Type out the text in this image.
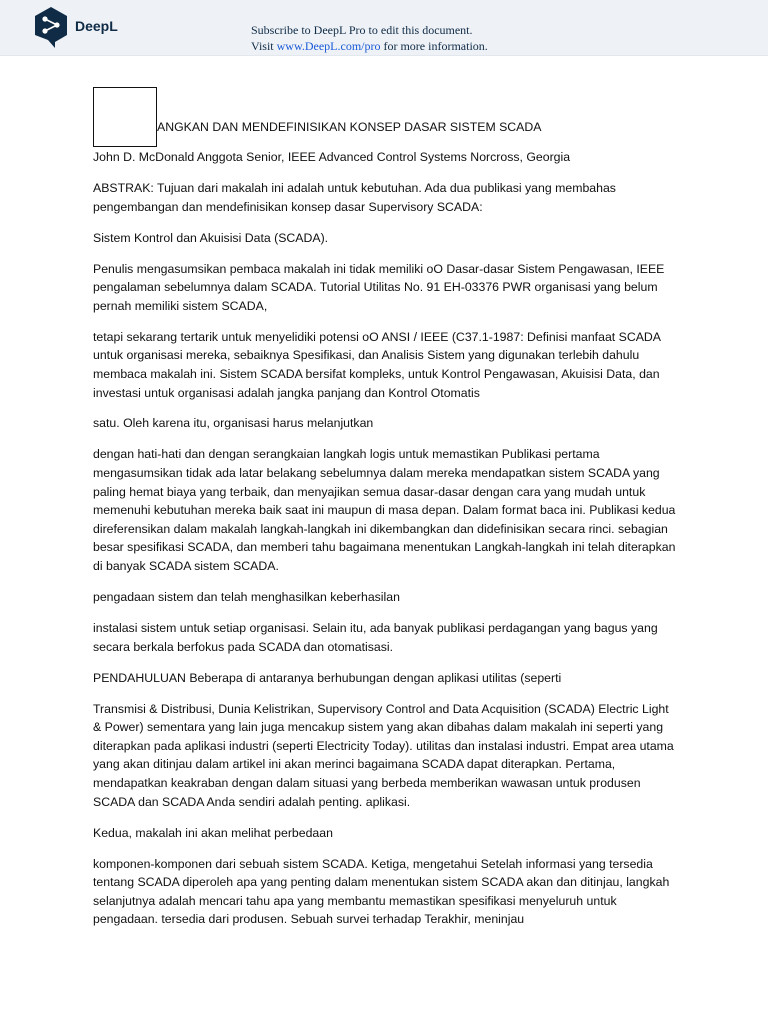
DeepL	Subscribe to DeepL Pro to edit this document.
Visit www.DeepL.com/pro for more information.
ANGKAN DAN MENDEFINISIKAN KONSEP DASAR SISTEM SCADA

John D. McDonald Anggota Senior, IEEE Advanced Control Systems Norcross, Georgia

ABSTRAK: Tujuan dari makalah ini adalah untuk kebutuhan. Ada dua publikasi yang membahas pengembangan dan mendefinisikan konsep dasar Supervisory SCADA:

Sistem Kontrol dan Akuisisi Data (SCADA).

Penulis mengasumsikan pembaca makalah ini tidak memiliki oO Dasar-dasar Sistem Pengawasan, IEEE pengalaman sebelumnya dalam SCADA. Tutorial Utilitas No. 91 EH-03376 PWR organisasi yang belum pernah memiliki sistem SCADA,

tetapi sekarang tertarik untuk menyelidiki potensi oO ANSI / IEEE (C37.1-1987: Definisi manfaat SCADA untuk organisasi mereka, sebaiknya Spesifikasi, dan Analisis Sistem yang digunakan terlebih dahulu membaca makalah ini. Sistem SCADA bersifat kompleks, untuk Kontrol Pengawasan, Akuisisi Data, dan investasi untuk organisasi adalah jangka panjang dan Kontrol Otomatis

satu. Oleh karena itu, organisasi harus melanjutkan

dengan hati-hati dan dengan serangkaian langkah logis untuk memastikan Publikasi pertama mengasumsikan tidak ada latar belakang sebelumnya dalam mereka mendapatkan sistem SCADA yang paling hemat biaya yang terbaik, dan menyajikan semua dasar-dasar dengan cara yang mudah untuk memenuhi kebutuhan mereka baik saat ini maupun di masa depan. Dalam format baca ini. Publikasi kedua direferensikan dalam makalah langkah-langkah ini dikembangkan dan didefinisikan secara rinci. sebagian besar spesifikasi SCADA, dan memberi tahu bagaimana menentukan Langkah-langkah ini telah diterapkan di banyak SCADA sistem SCADA.

pengadaan sistem dan telah menghasilkan keberhasilan

instalasi sistem untuk setiap organisasi. Selain itu, ada banyak publikasi perdagangan yang bagus yang secara berkala berfokus pada SCADA dan otomatisasi.

PENDAHULUAN Beberapa di antaranya berhubungan dengan aplikasi utilitas (seperti

Transmisi & Distribusi, Dunia Kelistrikan, Supervisory Control and Data Acquisition (SCADA) Electric Light & Power) sementara yang lain juga mencakup sistem yang akan dibahas dalam makalah ini seperti yang diterapkan pada aplikasi industri (seperti Electricity Today). utilitas dan instalasi industri. Empat area utama yang akan ditinjau dalam artikel ini akan merinci bagaimana SCADA dapat diterapkan. Pertama, mendapatkan keakraban dengan dalam situasi yang berbeda memberikan wawasan untuk produsen SCADA dan SCADA Anda sendiri adalah penting. aplikasi.

Kedua, makalah ini akan melihat perbedaan

komponen-komponen dari sebuah sistem SCADA. Ketiga, mengetahui Setelah informasi yang tersedia tentang SCADA diperoleh apa yang penting dalam menentukan sistem SCADA akan dan ditinjau, langkah selanjutnya adalah mencari tahu apa yang membantu memastikan spesifikasi menyeluruh untuk pengadaan. tersedia dari produsen. Sebuah survei terhadap Terakhir, meninjau
